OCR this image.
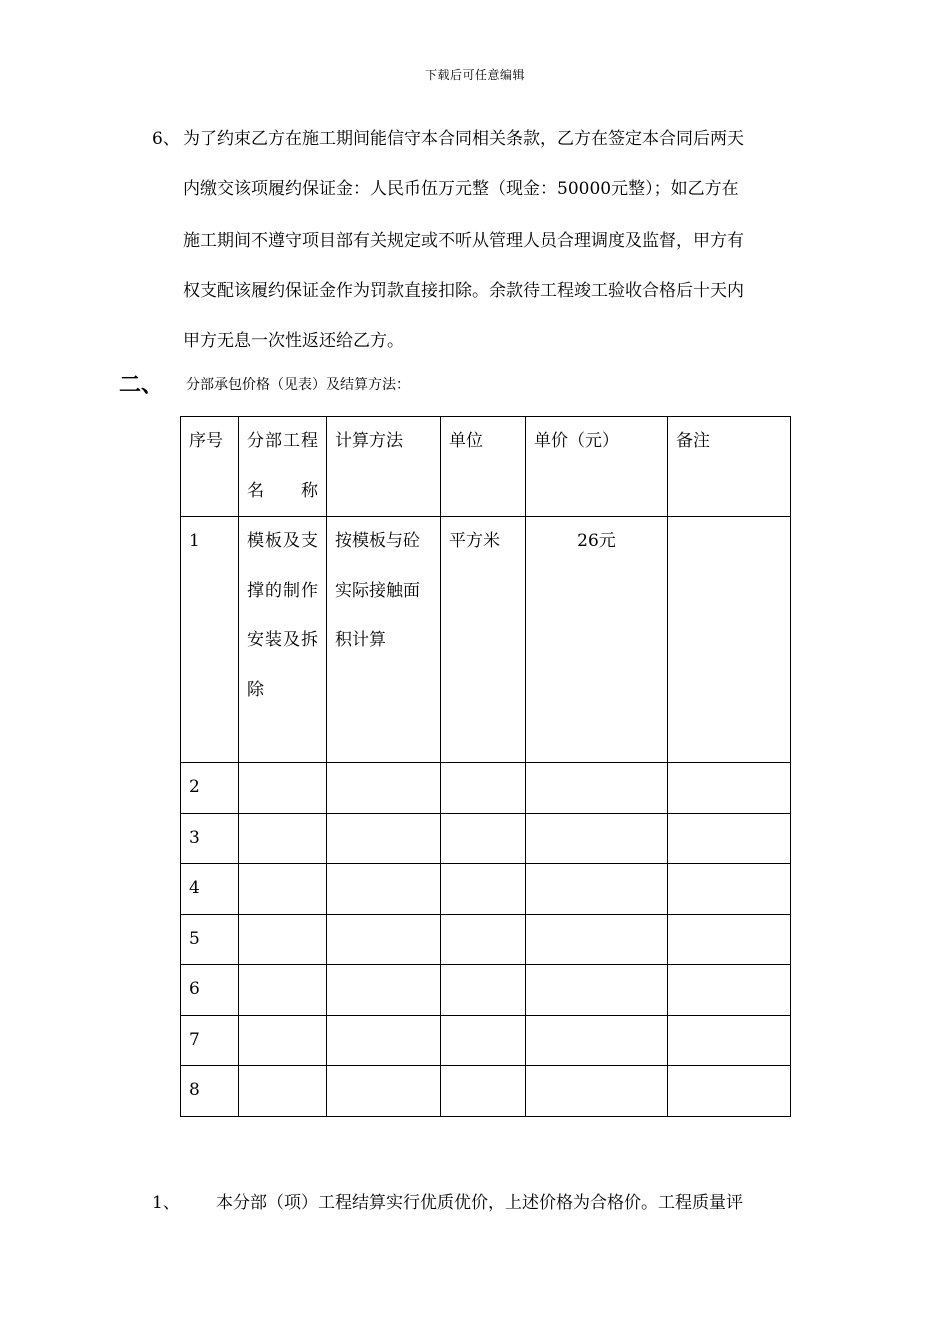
下载后可任意编辑
6、 为了约束乙方在施工期间能信守本合同相关条款，乙方在签定本合同后两天
内缴交该项履约保证金：人民币伍万元整（现金：50000元整）；如乙方在
施工期间不遵守项目部有关规定或不听从管理人员合理调度及监督，甲方有
权支配该履约保证金作为罚款直接扣除。余款待工程竣工验收合格后十天内
甲方无息一次性返还给乙方。
二、 分部承包价格（见表）及结算方法：
序号	分部工程名称	计算方法	单位	单价（元）	备注
1	模板及支撑的制作安装及拆除	按模板与砼实际接触面积计算	平方米	26元	
2					
3					
4					
5					
6					
7					
8					
1、 本分部（项）工程结算实行优质优价，上述价格为合格价。工程质量评
